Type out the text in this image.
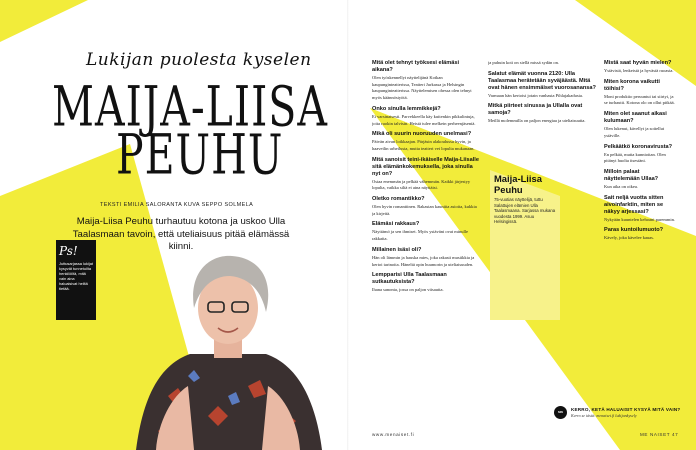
Lukijan puolesta kyselen
MAIJA-LIISA
PEUHU
TEKSTI EMILIA SALORANTA KUVA SEPPO SOLMELA
Maija-Liisa Peuhu turhautuu kotona ja uskoo Ulla Taalasmaan tavoin, että uteliaisuus pitää elämässä kiinni.
Ps!
Juttusarjassa lukijat kysyvät tunnetuilta henkilöiltä, mitä vain aina haluaisivat heiltä tietää.

Mitä olet tehnyt työksesi elämäsi aikana?
Olen työskennellyt näyttelijänä Kotkan kaupunginteatterissa, Teatteri Jurkassa ja Helsingin kaupunginteatterissa. Näyttelemisen ohessa olen tehnyt myös käännöstyötä.

Onko sinulla lemmikkejä?
Ei varsinaisesti. Parvekkeella käy kuitenkin pikkulintuja, joita ruokin talvisin. Heistä tulee melkein perheenjäseniä.

Mikä oli suurin nuoruuden unelmasi?
Päivän aivan loikkaajan. Pärjäsin alakoulussa hyvin, ja haaveilin urheilusta, mutta teatteri vei lopulta mukanaan.

Mitä sanoisit teini-ikäiselle Maija-Liisalle sitä elämänkokemuksella, joka sinulla nyt on?
Ostaa enemmän ja pelkää vähemmän. Kaikki järjestyy lopulta, vaikka siltä ei aina näyttäisi.

Oletko romantikko?
Olen hyvin romanttinen. Rakastan kauniita asioita, kukkia ja kirjeitä.

Elämäsi rakkaus?
Näyttämö ja sen ihmiset. Myös ystäväni ovat minulle rakkaita.

Millainen isäsi oli?
Hän oli lämmin ja hauska mies, joka rakasti musiikkia ja kertoi tarinoita. Häneltä opin huumorin ja uteliaisuuden.

Lempparisi Ulla Taalasmaan sutkautuksista?
Ihana sanonta, jossa on paljon viisautta.

ja puhuin koti on siellä missä sydän on.

Salatut elämät vuonna 2120: Ulla Taalasmaa herätetään syväjäästä. Mitä ovat hänen ensimmäiset vuorosanansa?
Varmaan hän kertoisi jotain vanhasta Pihlajakadusta.

Mitkä piirteet sinussa ja Ullalla ovat samoja?
Meillä molemmilla on paljon energiaa ja uteliaisuutta.

Mistä saat hyvän mielen?
Ystävistä, lenkeistä ja hyvästä ruoasta.

Miten korona vaikutti töihisi?
Moni produktio peruuntui tai siirtyi, ja se turhautti. Kotona olo on ollut pitkää.

Miten olet saanut aikasi kulumaan?
Olen lukenut, kävellyt ja soitellut ystäville.

Pelkäätkö koronavirusta?
En pelkää, mutta kunnioitan. Olen pitänyt huolta itsestäni.

Milloin palaat näyttelemään Ullaa?
Kun aika on oikea.

Sait neljä vuotta sitten aivoinfarktin, miten se näkyy arjessasi?
Nykyään kuuntelen kehoani paremmin.

Paras kuntoilumuoto?
Kävely, joka kävelee kauas.

Maija-Liisa Peuhu
75-vuotias näyttelijä, tuttu Salattujen elämien Ulla Taalasmaana. Sarjassa mukana vuodesta 1999. Asuu Helsingissä.
MN	KERRO, KETÄ HALUAISIT KYSYÄ MITÄ VAIN?
Kerro se tästä: menaiset.fi lukijankysely
www.menaiset.fi	ME NAISET 47
